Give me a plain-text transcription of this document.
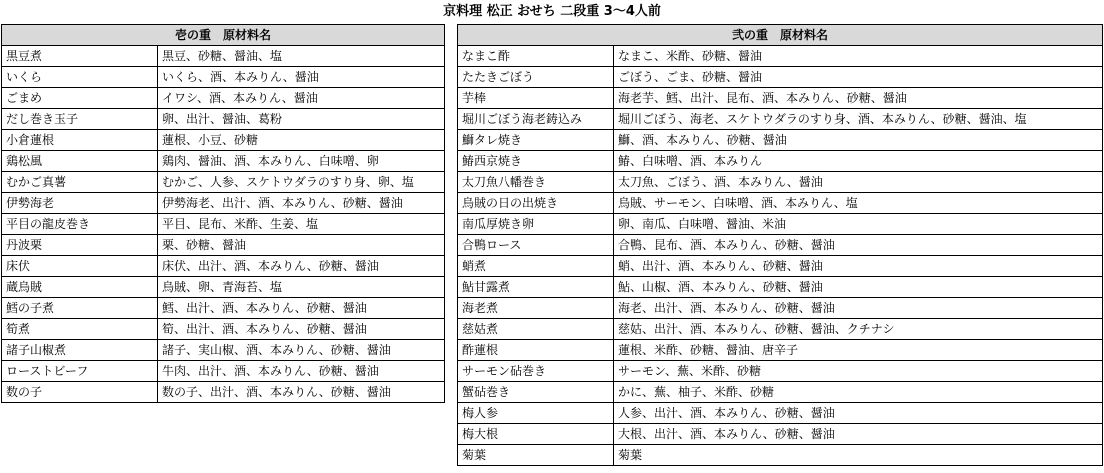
京料理 松正 おせち 二段重 3〜4人前
壱の重　原材料名	
黒豆煮	黒豆、砂糖、醤油、塩
いくら	いくら、酒、本みりん、醤油
ごまめ	イワシ、酒、本みりん、醤油
だし巻き玉子	卵、出汁、醤油、葛粉
小倉蓮根	蓮根、小豆、砂糖
鶏松風	鶏肉、醤油、酒、本みりん、白味噌、卵
むかご真薯	むかご、人参、スケトウダラのすり身、卵、塩
伊勢海老	伊勢海老、出汁、酒、本みりん、砂糖、醤油
平目の龍皮巻き	平目、昆布、米酢、生姜、塩
丹波栗	栗、砂糖、醤油
床伏	床伏、出汁、酒、本みりん、砂糖、醤油
蔵烏賊	烏賊、卵、青海苔、塩
鱈の子煮	鱈、出汁、酒、本みりん、砂糖、醤油
筍煮	筍、出汁、酒、本みりん、砂糖、醤油
諸子山椒煮	諸子、実山椒、酒、本みりん、砂糖、醤油
ローストビーフ	牛肉、出汁、酒、本みりん、砂糖、醤油
数の子	数の子、出汁、酒、本みりん、砂糖、醤油
弐の重　原材料名	
なまこ酢	なまこ、米酢、砂糖、醤油
たたきごぼう	ごぼう、ごま、砂糖、醤油
芋棒	海老芋、鱈、出汁、昆布、酒、本みりん、砂糖、醤油
堀川ごぼう海老鋳込み	堀川ごぼう、海老、スケトウダラのすり身、酒、本みりん、砂糖、醤油、塩
鰤タレ焼き	鰤、酒、本みりん、砂糖、醤油
鰆西京焼き	鰆、白味噌、酒、本みりん
太刀魚八幡巻き	太刀魚、ごぼう、酒、本みりん、醤油
烏賊の日の出焼き	烏賊、サーモン、白味噌、酒、本みりん、塩
南瓜厚焼き卵	卵、南瓜、白味噌、醤油、米油
合鴨ロース	合鴨、昆布、酒、本みりん、砂糖、醤油
蛸煮	蛸、出汁、酒、本みりん、砂糖、醤油
鮎甘露煮	鮎、山椒、酒、本みりん、砂糖、醤油
海老煮	海老、出汁、酒、本みりん、砂糖、醤油
慈姑煮	慈姑、出汁、酒、本みりん、砂糖、醤油、クチナシ
酢蓮根	蓮根、米酢、砂糖、醤油、唐辛子
サーモン砧巻き	サーモン、蕪、米酢、砂糖
蟹砧巻き	かに、蕪、柚子、米酢、砂糖
梅人参	人参、出汁、酒、本みりん、砂糖、醤油
梅大根	大根、出汁、酒、本みりん、砂糖、醤油
菊葉	菊葉
